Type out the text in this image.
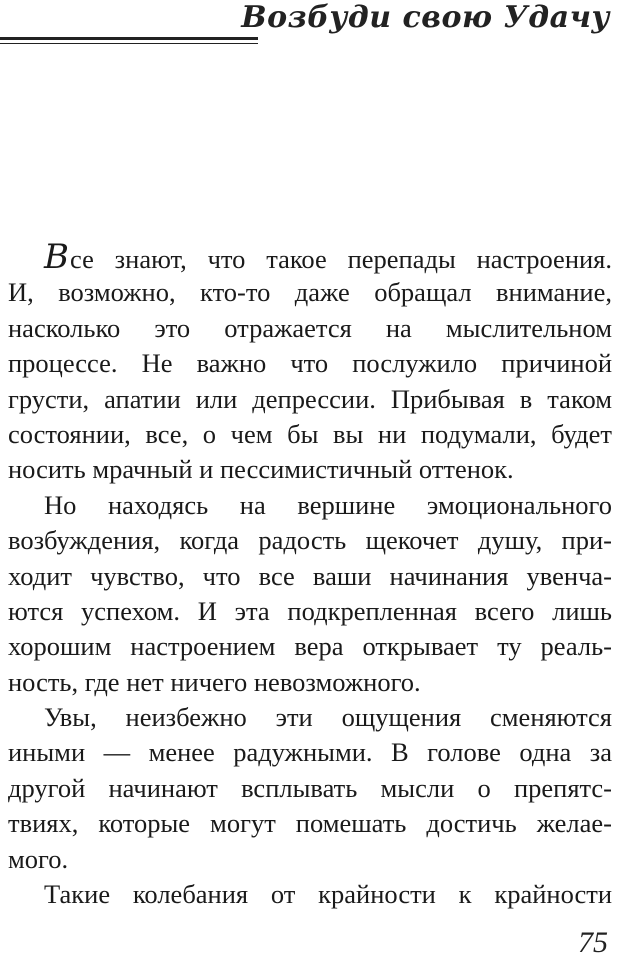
Возбуди свою Удачу
Все знают, что такое перепады настроения.
И, возможно, кто-то даже обращал внимание,
насколько это отражается на мыслительном
процессе. Не важно что послужило причиной
грусти, апатии или депрессии. Прибывая в таком
состоянии, все, о чем бы вы ни подумали, будет
носить мрачный и пессимистичный оттенок.
Но находясь на вершине эмоционального
возбуждения, когда радость щекочет душу, при-
ходит чувство, что все ваши начинания увенча-
ются успехом. И эта подкрепленная всего лишь
хорошим настроением вера открывает ту реаль-
ность, где нет ничего невозможного.
Увы, неизбежно эти ощущения сменяются
иными — менее радужными. В голове одна за
другой начинают всплывать мысли о препятс-
твиях, которые могут помешать достичь желае-
мого.
Такие колебания от крайности к крайности
75
